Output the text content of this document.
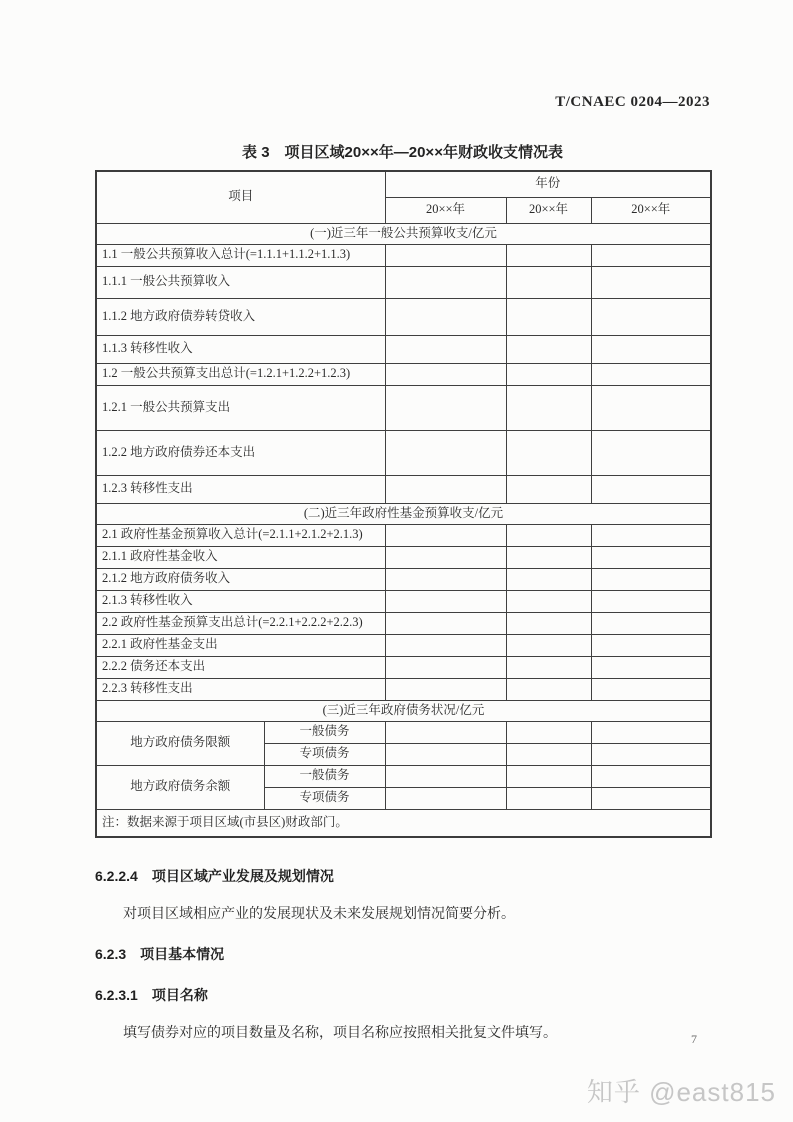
T/CNAEC 0204—2023
表 3　项目区域20××年—20××年财政收支情况表
项目		年份		
		20××年	20××年	20××年
(一)近三年一般公共预算收支/亿元				
1.1 一般公共预算收入总计(=1.1.1+1.1.2+1.1.3)				
1.1.1 一般公共预算收入				
1.1.2 地方政府债券转贷收入				
1.1.3 转移性收入				
1.2 一般公共预算支出总计(=1.2.1+1.2.2+1.2.3)				
1.2.1 一般公共预算支出				
1.2.2 地方政府债券还本支出				
1.2.3 转移性支出				
(二)近三年政府性基金预算收支/亿元				
2.1 政府性基金预算收入总计(=2.1.1+2.1.2+2.1.3)				
2.1.1 政府性基金收入				
2.1.2 地方政府债务收入				
2.1.3 转移性收入				
2.2 政府性基金预算支出总计(=2.2.1+2.2.2+2.2.3)				
2.2.1 政府性基金支出				
2.2.2 债务还本支出				
2.2.3 转移性支出				
(三)近三年政府债务状况/亿元				
地方政府债务限额	一般债务			
	专项债务			
地方政府债务余额	一般债务			
	专项债务			
注：数据来源于项目区域(市县区)财政部门。				
6.2.2.4 项目区域产业发展及规划情况

对项目区域相应产业的发展现状及未来发展规划情况简要分析。

6.2.3 项目基本情况
6.2.3.1 项目名称

填写债券对应的项目数量及名称，项目名称应按照相关批复文件填写。	7
知乎 @east815
